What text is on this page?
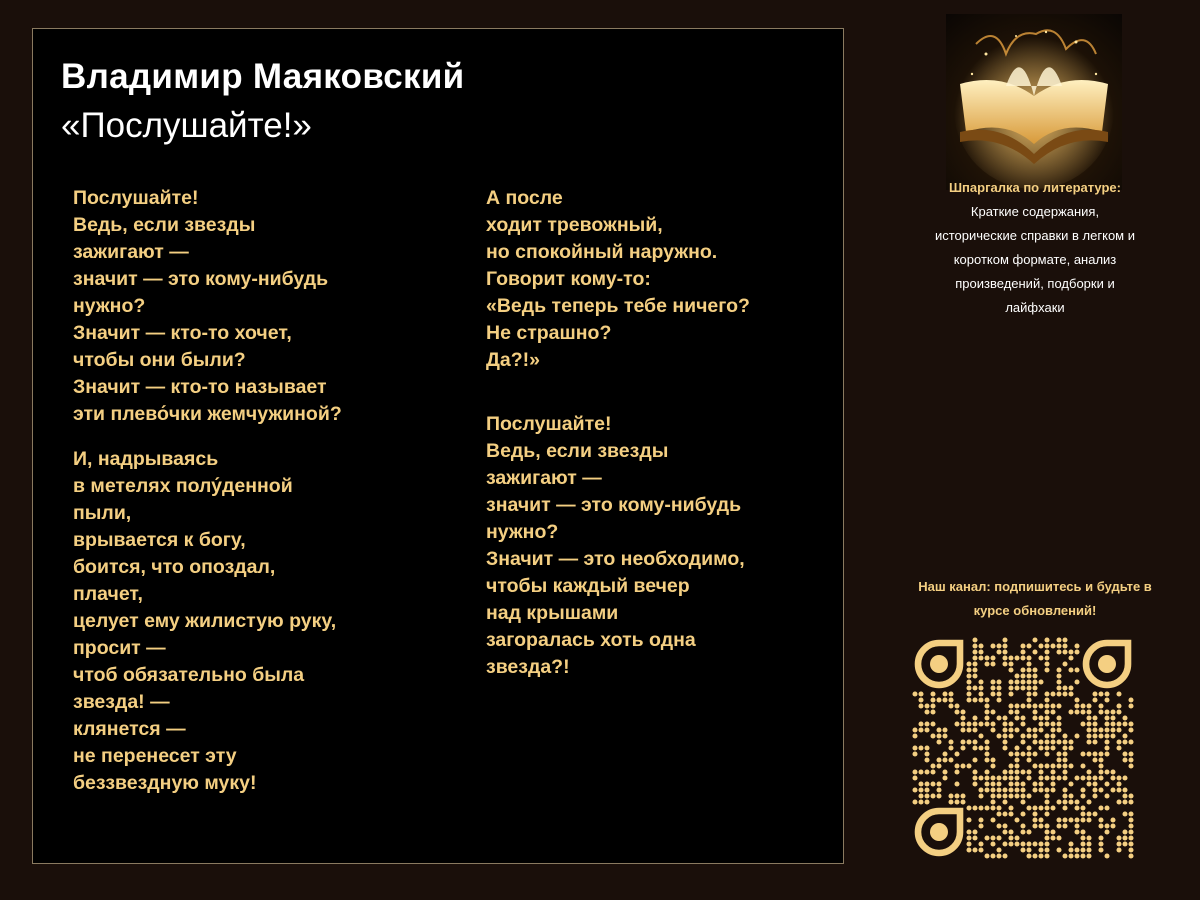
Владимир Маяковский
«Послушайте!»
Послушайте!
Ведь, если звезды
зажигают —
значит — это кому-нибудь
нужно?
Значит — кто-то хочет,
чтобы они были?
Значит — кто-то называет
эти плево́чки жемчужиной?
И, надрываясь
в метелях полу́денной
пыли,
врывается к богу,
боится, что опоздал,
плачет,
целует ему жилистую руку,
просит —
чтоб обязательно была
звезда! —
клянется —
не перенесет эту
беззвездную муку!
А после
ходит тревожный,
но спокойный наружно.
Говорит кому-то:
«Ведь теперь тебе ничего?
Не страшно?
Да?!»
Послушайте!
Ведь, если звезды
зажигают —
значит — это кому-нибудь
нужно?
Значит — это необходимо,
чтобы каждый вечер
над крышами
загоралась хоть одна
звезда?!
Шпаргалка по литературе:
Краткие содержания, исторические справки в легком и коротком формате, анализ произведений, подборки и лайфхаки
Наш канал: подпишитесь и будьте в курсе обновлений!
